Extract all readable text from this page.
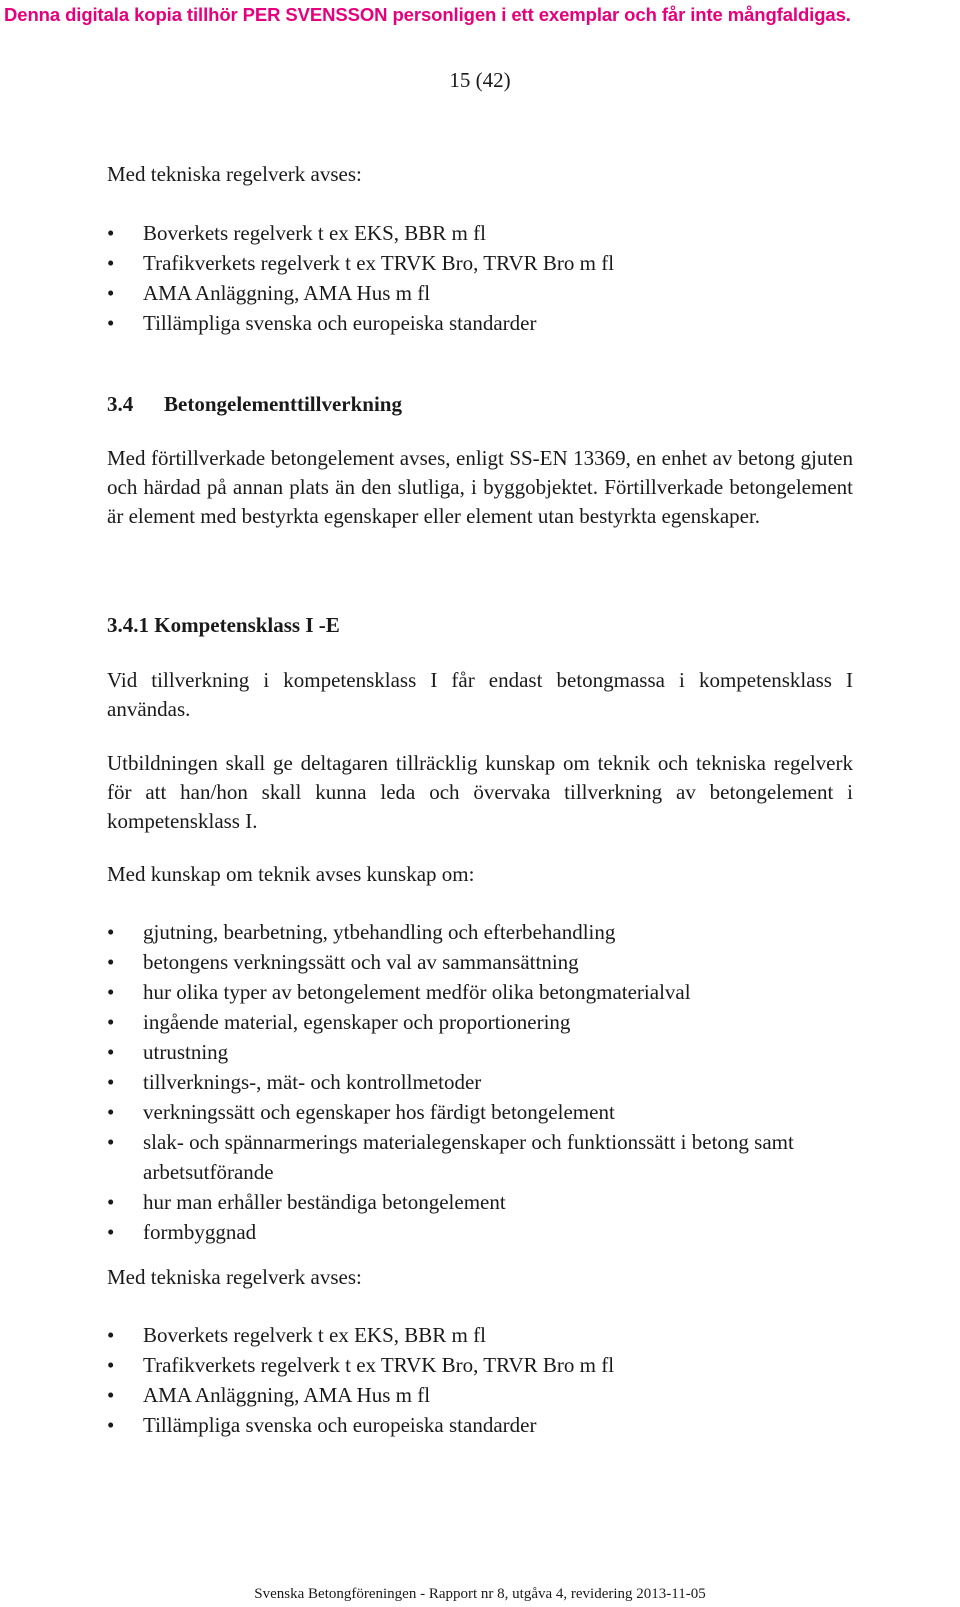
Denna digitala kopia tillhör PER SVENSSON personligen i ett exemplar och får inte mångfaldigas.
15 (42)

Med tekniska regelverk avses:

• Boverkets regelverk t ex EKS, BBR m fl
• Trafikverkets regelverk t ex TRVK Bro, TRVR Bro m fl
• AMA Anläggning, AMA Hus m fl
• Tillämpliga svenska och europeiska standarder
3.4 Betongelementtillverkning

Med förtillverkade betongelement avses, enligt SS-EN 13369, en enhet av betong gjuten och härdad på annan plats än den slutliga, i byggobjektet. Förtillverkade betongelement är element med bestyrkta egenskaper eller element utan bestyrkta egenskaper.

3.4.1 Kompetensklass I -E

Vid tillverkning i kompetensklass I får endast betongmassa i kompetensklass I användas.

Utbildningen skall ge deltagaren tillräcklig kunskap om teknik och tekniska regelverk för att han/hon skall kunna leda och övervaka tillverkning av betongelement i kompetensklass I.

Med kunskap om teknik avses kunskap om:

• gjutning, bearbetning, ytbehandling och efterbehandling
• betongens verkningssätt och val av sammansättning
• hur olika typer av betongelement medför olika betongmaterialval
• ingående material, egenskaper och proportionering
• utrustning
• tillverknings-, mät- och kontrollmetoder
• verkningssätt och egenskaper hos färdigt betongelement
• slak- och spännarmerings materialegenskaper och funktionssätt i betong samt arbetsutförande
• hur man erhåller beständiga betongelement
• formbyggnad

Med tekniska regelverk avses:

• Boverkets regelverk t ex EKS, BBR m fl
• Trafikverkets regelverk t ex TRVK Bro, TRVR Bro m fl
• AMA Anläggning, AMA Hus m fl
• Tillämpliga svenska och europeiska standarder
Svenska Betongföreningen - Rapport nr 8, utgåva 4, revidering 2013-11-05
